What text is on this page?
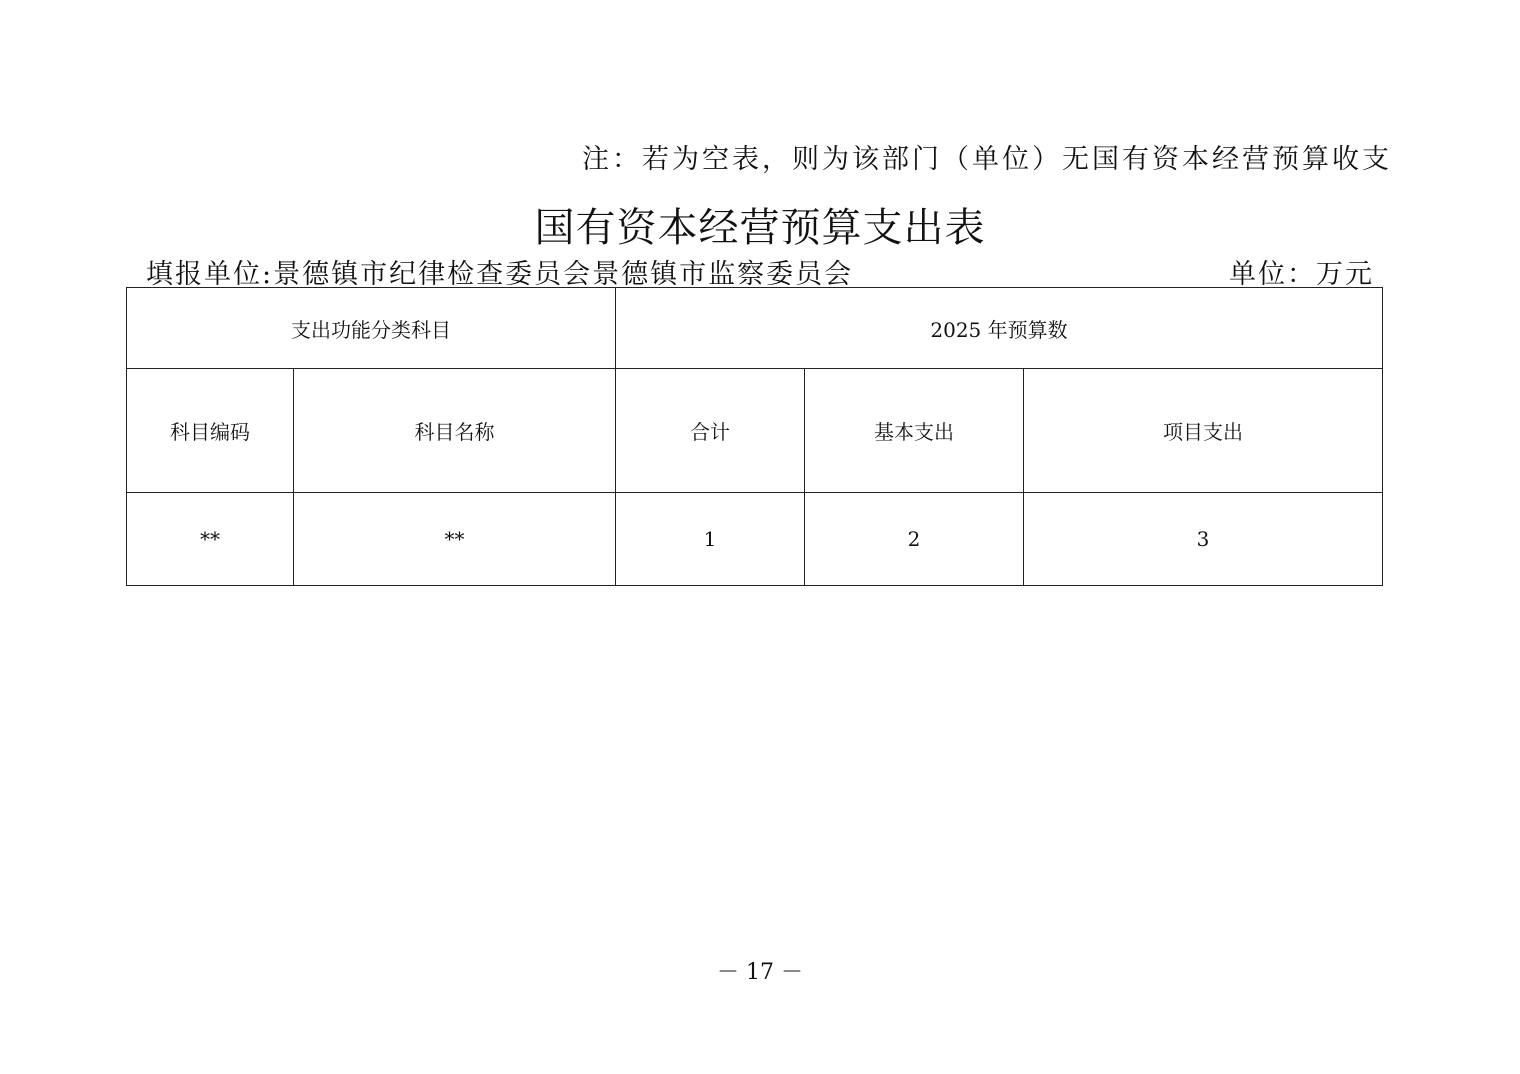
注：若为空表，则为该部门（单位）无国有资本经营预算收支
国有资本经营预算支出表
填报单位:景德镇市纪律检查委员会景德镇市监察委员会	单位：万元
支出功能分类科目		2025 年预算数		
科目编码	科目名称	合计	基本支出	项目支出
**	**	1	2	3
－ 17 －
